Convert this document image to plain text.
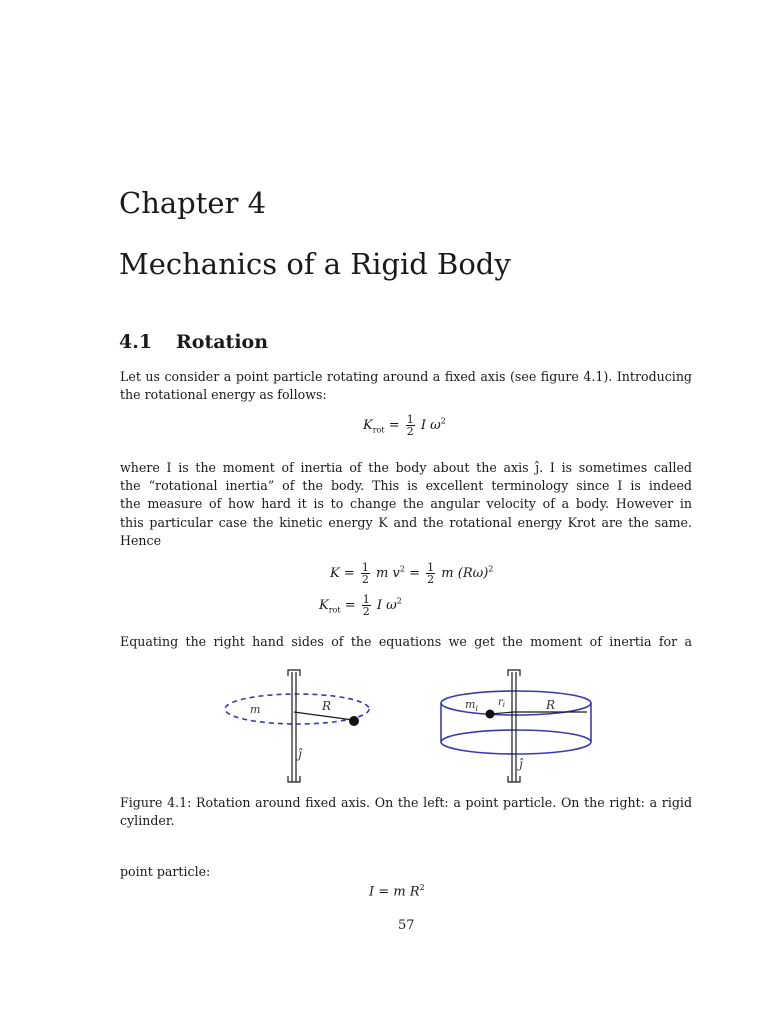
Chapter 4
Mechanics of a Rigid Body
4.1 Rotation
Let us consider a point particle rotating around a fixed axis (see figure 4.1). Introducing
the rotational energy as follows:
$K_{rot} = \frac{1}{2}$ I $\omega^2$
where I is the moment of inertia of the body about the axis ĵ. I is sometimes called
the “rotational inertia” of the body. This is excellent terminology since I is indeed
the measure of how hard it is to change the angular velocity of a body. However in
this particular case the kinetic energy K and the rotational energy Krot are the same.
Hence
$K = \frac{1}{2}$ m $v^2 = \frac{1}{2}$ m $(R\omega)^2$
$K_{rot} = \frac{1}{2}$ I $\omega^2$
Equating the right hand sides of the equations we get the moment of inertia for a
m	R
ĵ
$m_i$
$r_i$	R
ĵ
Figure 4.1: Rotation around fixed axis. On the left: a point particle. On the right: a rigid
cylinder.
point particle:
I = m $R^2$
57
